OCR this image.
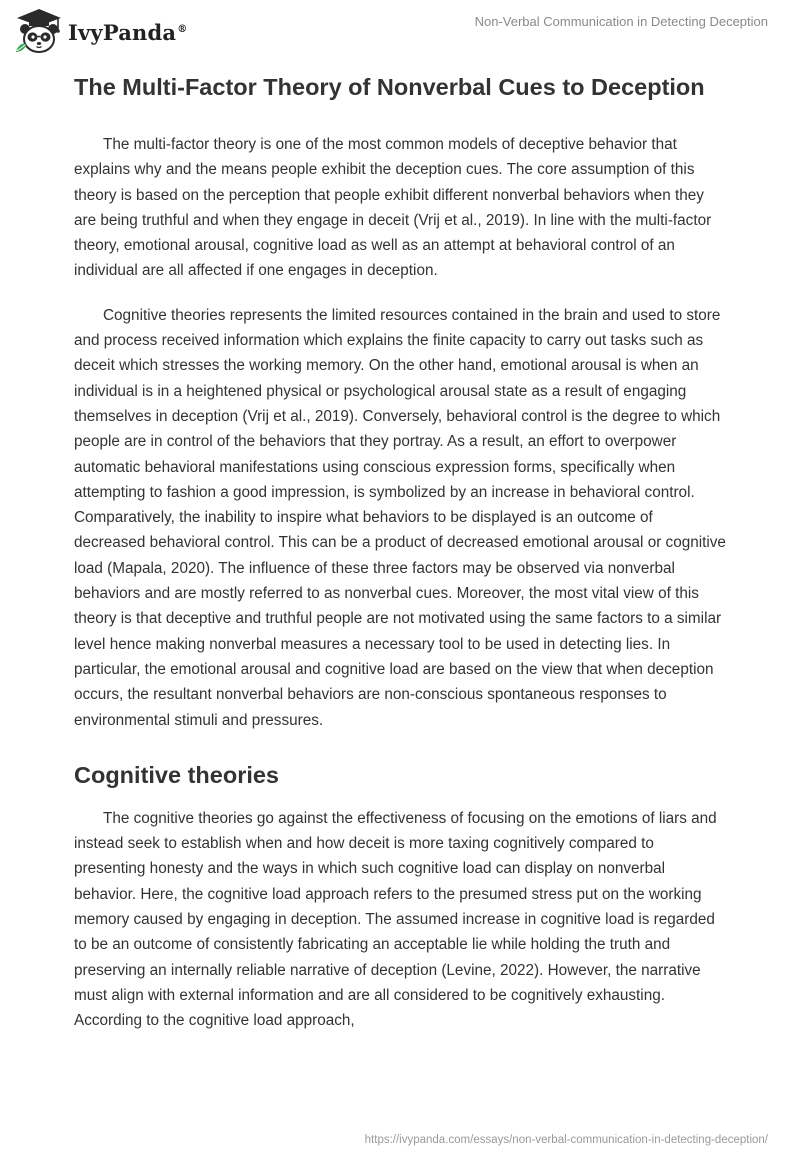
IvyPanda®	Non-Verbal Communication in Detecting Deception
The Multi-Factor Theory of Nonverbal Cues to Deception

The multi-factor theory is one of the most common models of deceptive behavior that explains why and the means people exhibit the deception cues. The core assumption of this theory is based on the perception that people exhibit different nonverbal behaviors when they are being truthful and when they engage in deceit (Vrij et al., 2019). In line with the multi-factor theory, emotional arousal, cognitive load as well as an attempt at behavioral control of an individual are all affected if one engages in deception.

Cognitive theories represents the limited resources contained in the brain and used to store and process received information which explains the finite capacity to carry out tasks such as deceit which stresses the working memory. On the other hand, emotional arousal is when an individual is in a heightened physical or psychological arousal state as a result of engaging themselves in deception (Vrij et al., 2019). Conversely, behavioral control is the degree to which people are in control of the behaviors that they portray. As a result, an effort to overpower automatic behavioral manifestations using conscious expression forms, specifically when attempting to fashion a good impression, is symbolized by an increase in behavioral control. Comparatively, the inability to inspire what behaviors to be displayed is an outcome of decreased behavioral control. This can be a product of decreased emotional arousal or cognitive load (Mapala, 2020). The influence of these three factors may be observed via nonverbal behaviors and are mostly referred to as nonverbal cues. Moreover, the most vital view of this theory is that deceptive and truthful people are not motivated using the same factors to a similar level hence making nonverbal measures a necessary tool to be used in detecting lies. In particular, the emotional arousal and cognitive load are based on the view that when deception occurs, the resultant nonverbal behaviors are non-conscious spontaneous responses to environmental stimuli and pressures.

Cognitive theories

The cognitive theories go against the effectiveness of focusing on the emotions of liars and instead seek to establish when and how deceit is more taxing cognitively compared to presenting honesty and the ways in which such cognitive load can display on nonverbal behavior. Here, the cognitive load approach refers to the presumed stress put on the working memory caused by engaging in deception. The assumed increase in cognitive load is regarded to be an outcome of consistently fabricating an acceptable lie while holding the truth and preserving an internally reliable narrative of deception (Levine, 2022). However, the narrative must align with external information and are all considered to be cognitively exhausting. According to the cognitive load approach,

https://ivypanda.com/essays/non-verbal-communication-in-detecting-deception/
